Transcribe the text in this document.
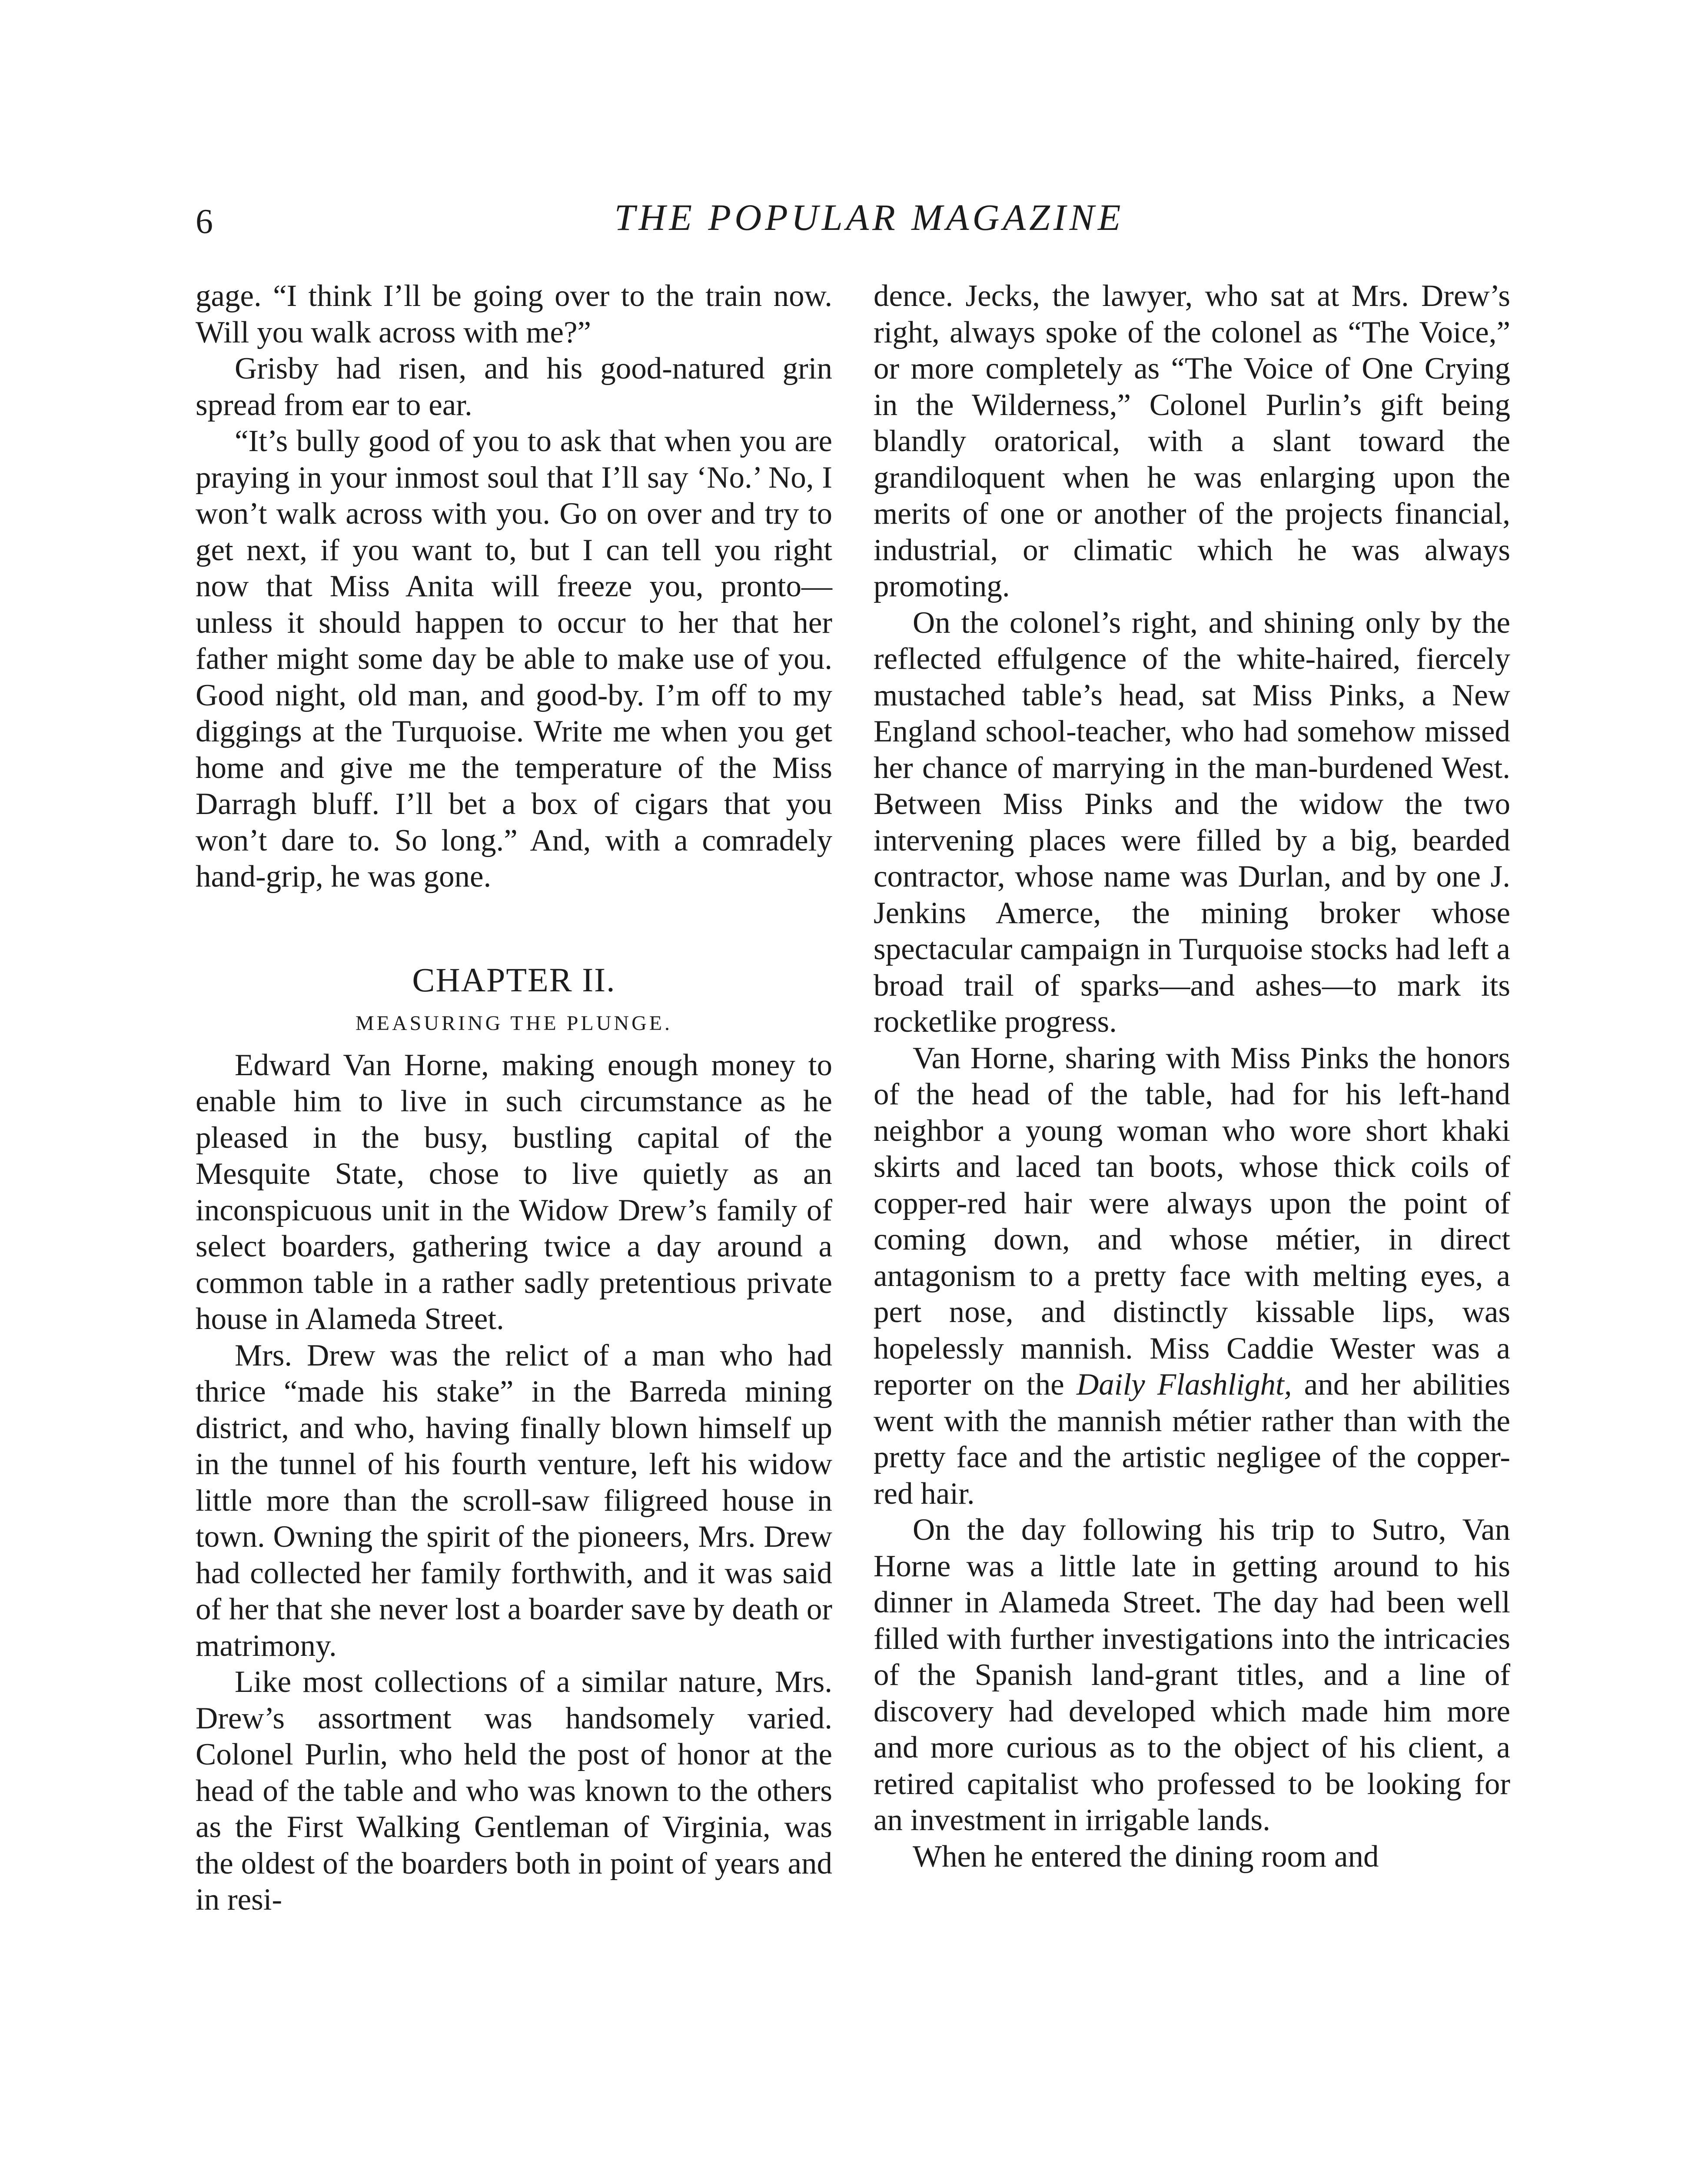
6	THE POPULAR MAGAZINE

gage. “I think I’ll be going over to the train now. Will you walk across with me?”

Grisby had risen, and his good-natured grin spread from ear to ear.

“It’s bully good of you to ask that when you are praying in your inmost soul that I’ll say ‘No.’ No, I won’t walk across with you. Go on over and try to get next, if you want to, but I can tell you right now that Miss Anita will freeze you, pronto—unless it should happen to occur to her that her father might some day be able to make use of you. Good night, old man, and good-by. I’m off to my diggings at the Turquoise. Write me when you get home and give me the temperature of the Miss Darragh bluff. I’ll bet a box of cigars that you won’t dare to. So long.” And, with a comradely hand-grip, he was gone.

CHAPTER II.
MEASURING THE PLUNGE.

Edward Van Horne, making enough money to enable him to live in such circumstance as he pleased in the busy, bustling capital of the Mesquite State, chose to live quietly as an inconspicuous unit in the Widow Drew’s family of select boarders, gathering twice a day around a common table in a rather sadly pretentious private house in Alameda Street.

Mrs. Drew was the relict of a man who had thrice “made his stake” in the Barreda mining district, and who, having finally blown himself up in the tunnel of his fourth venture, left his widow little more than the scroll-saw filigreed house in town. Owning the spirit of the pioneers, Mrs. Drew had collected her family forthwith, and it was said of her that she never lost a boarder save by death or matrimony.

Like most collections of a similar nature, Mrs. Drew’s assortment was handsomely varied. Colonel Purlin, who held the post of honor at the head of the table and who was known to the others as the First Walking Gentleman of Virginia, was the oldest of the boarders both in point of years and in resi-

dence. Jecks, the lawyer, who sat at Mrs. Drew’s right, always spoke of the colonel as “The Voice,” or more completely as “The Voice of One Crying in the Wilderness,” Colonel Purlin’s gift being blandly oratorical, with a slant toward the grandiloquent when he was enlarging upon the merits of one or another of the projects financial, industrial, or climatic which he was always promoting.

On the colonel’s right, and shining only by the reflected effulgence of the white-haired, fiercely mustached table’s head, sat Miss Pinks, a New England school-teacher, who had somehow missed her chance of marrying in the man-burdened West. Between Miss Pinks and the widow the two intervening places were filled by a big, bearded contractor, whose name was Durlan, and by one J. Jenkins Amerce, the mining broker whose spectacular campaign in Turquoise stocks had left a broad trail of sparks—and ashes—to mark its rocketlike progress.

Van Horne, sharing with Miss Pinks the honors of the head of the table, had for his left-hand neighbor a young woman who wore short khaki skirts and laced tan boots, whose thick coils of copper-red hair were always upon the point of coming down, and whose métier, in direct antagonism to a pretty face with melting eyes, a pert nose, and distinctly kissable lips, was hopelessly mannish. Miss Caddie Wester was a reporter on the Daily Flashlight, and her abilities went with the mannish métier rather than with the pretty face and the artistic negligee of the copper-red hair.

On the day following his trip to Sutro, Van Horne was a little late in getting around to his dinner in Alameda Street. The day had been well filled with further investigations into the intricacies of the Spanish land-grant titles, and a line of discovery had developed which made him more and more curious as to the object of his client, a retired capitalist who professed to be looking for an investment in irrigable lands.

When he entered the dining room and
